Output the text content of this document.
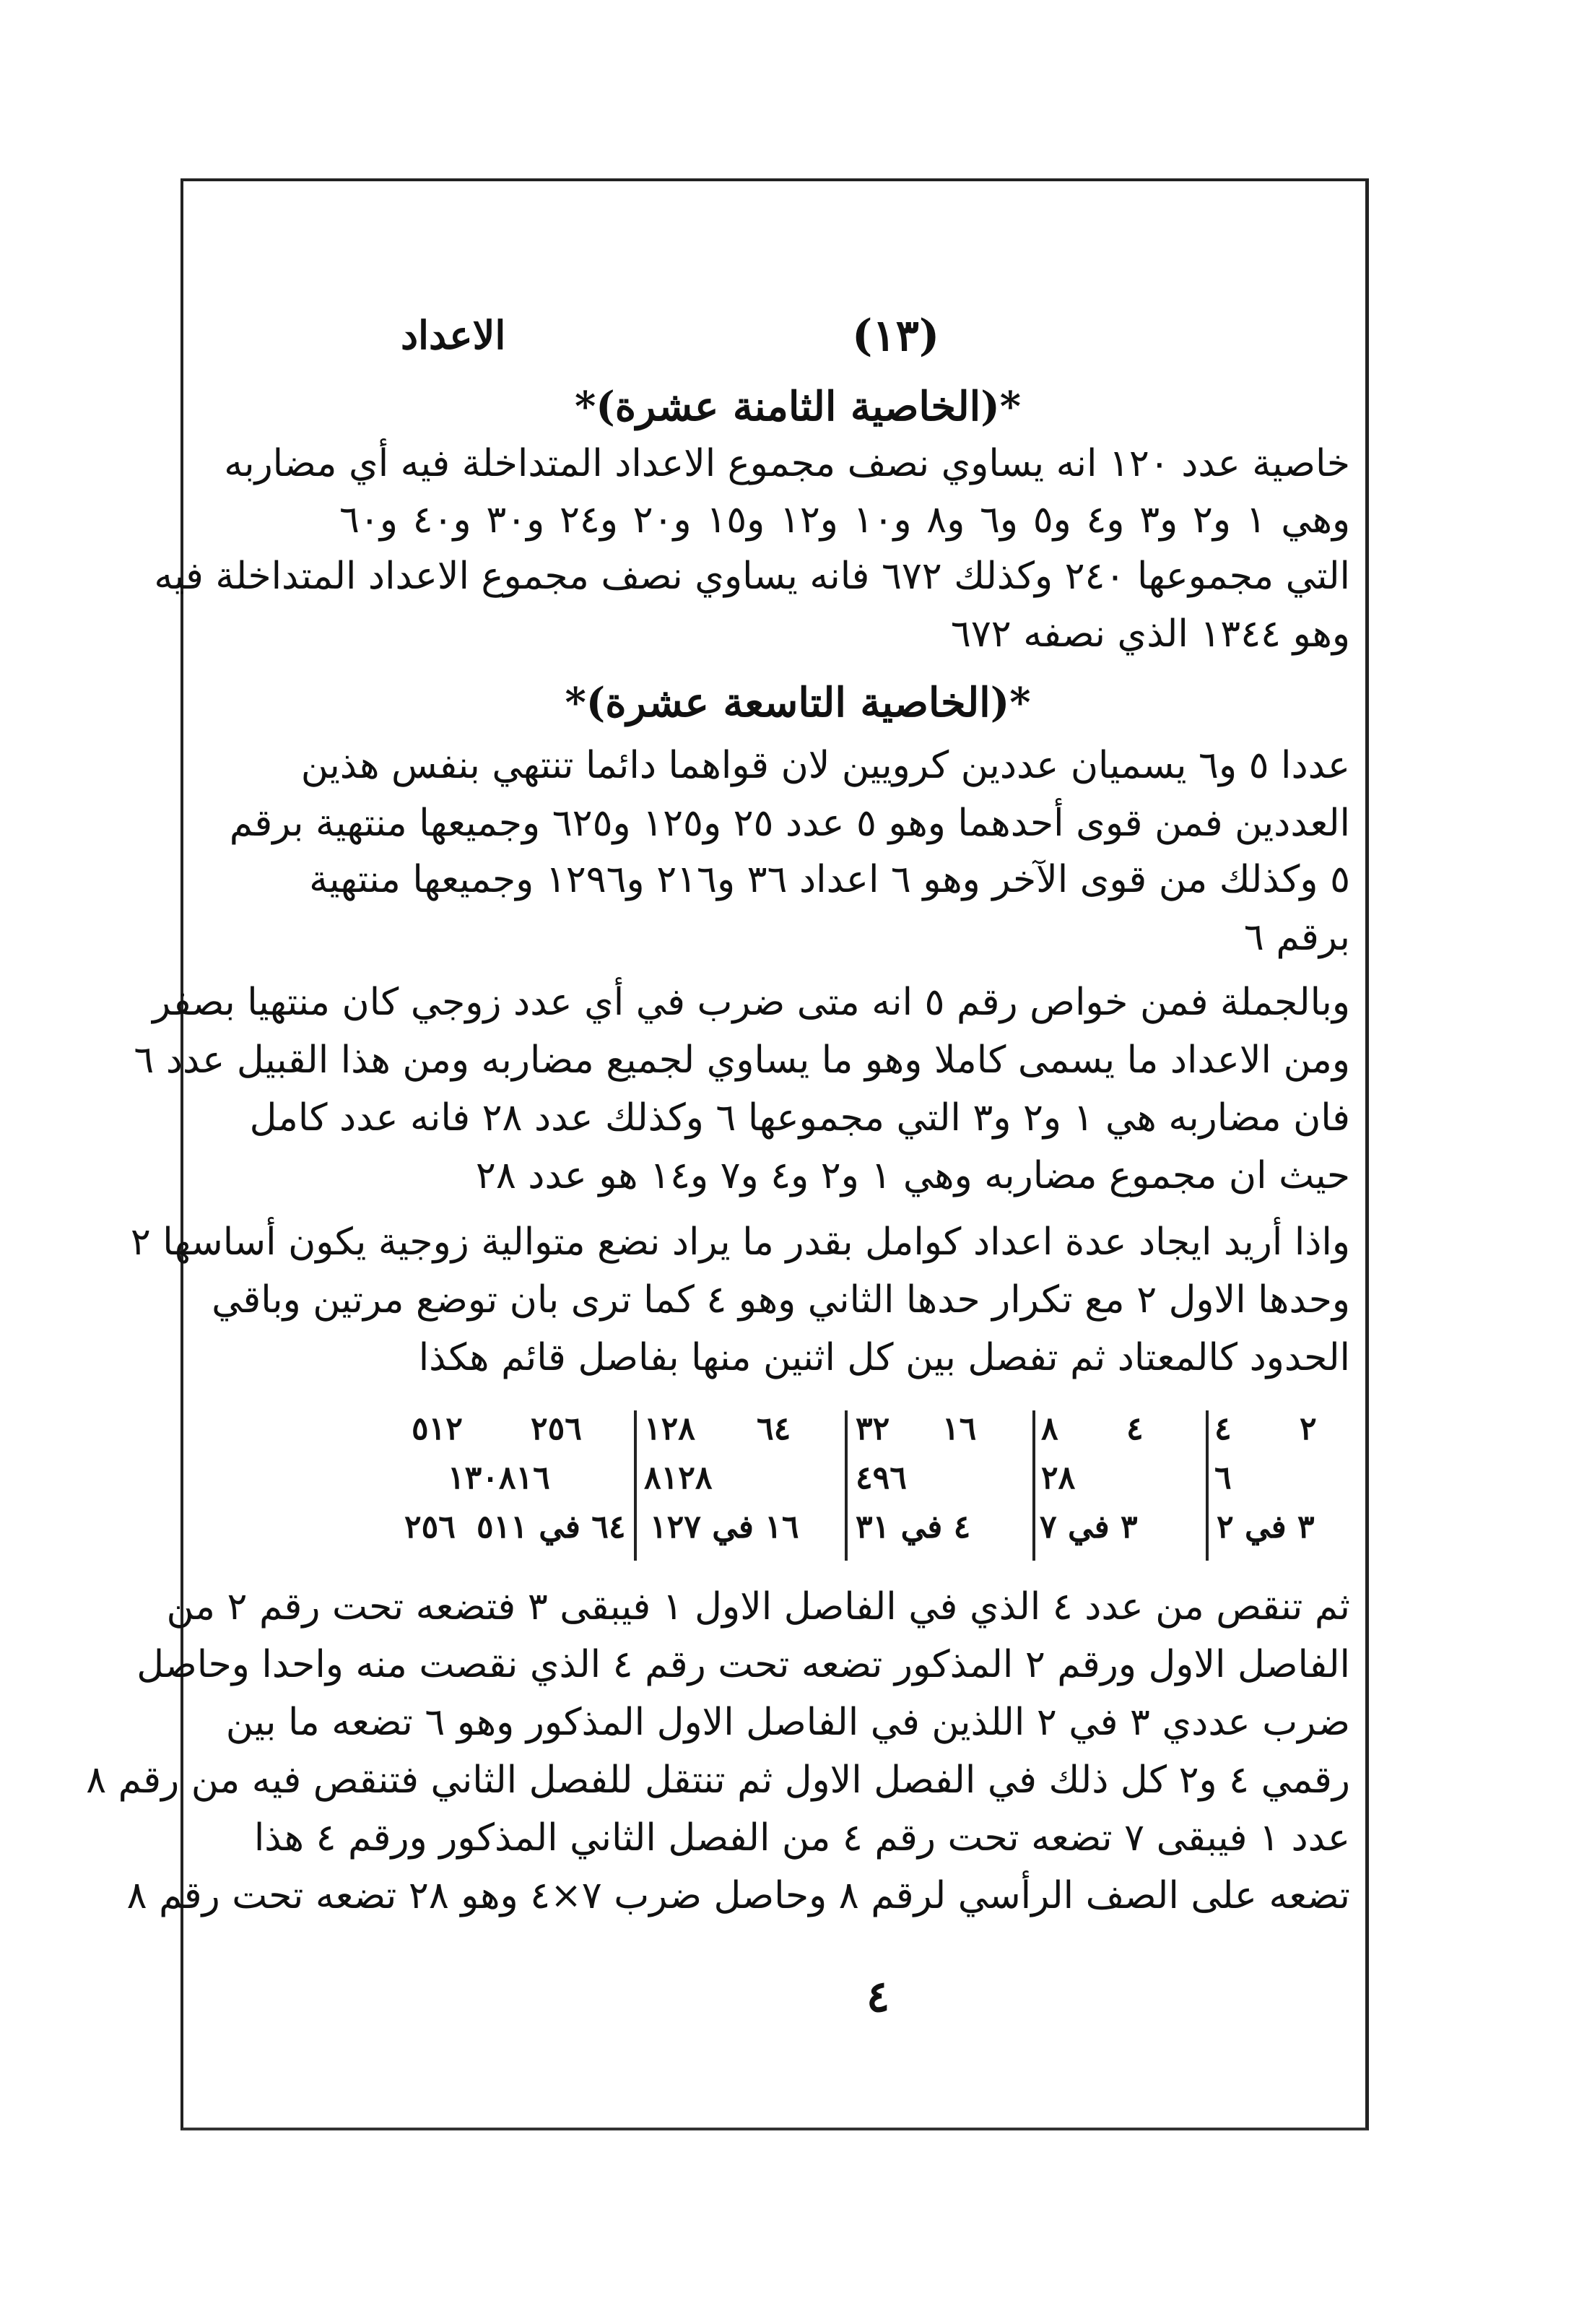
الاعداد	(١٣)
*(الخاصية الثامنة عشرة)*
خاصية عدد ١٢٠ انه يساوي نصف مجموع الاعداد المتداخلة فيه أي مضاربه
وهي ١ و٢ و٣ و٤ و٥ و٦ و٨ و١٠ و١٢ و١٥ و٢٠ و٢٤ و٣٠ و٤٠ و٦٠
التي مجموعها ٢٤٠ وكذلك ٦٧٢ فانه يساوي نصف مجموع الاعداد المتداخلة فيه
وهو ١٣٤٤ الذي نصفه ٦٧٢
*(الخاصية التاسعة عشرة)*
عددا ٥ و٦ يسميان عددين كرويين لان قواهما دائما تنتهي بنفس هذين
العددين فمن قوى أحدهما وهو ٥ عدد ٢٥ و١٢٥ و٦٢٥ وجميعها منتهية برقم
٥ وكذلك من قوى الآخر وهو ٦ اعداد ٣٦ و٢١٦ و١٢٩٦ وجميعها منتهية
برقم ٦
وبالجملة فمن خواص رقم ٥ انه متى ضرب في أي عدد زوجي كان منتهيا بصفر
ومن الاعداد ما يسمى كاملا وهو ما يساوي لجميع مضاربه ومن هذا القبيل عدد ٦
فان مضاربه هي ١ و٢ و٣ التي مجموعها ٦ وكذلك عدد ٢٨ فانه عدد كامل
حيث ان مجموع مضاربه وهي ١ و٢ و٤ و٧ و١٤ هو عدد ٢٨
واذا أريد ايجاد عدة اعداد كوامل بقدر ما يراد نضع متوالية زوجية يكون أساسها ٢
وحدها الاول ٢ مع تكرار حدها الثاني وهو ٤ كما ترى بان توضع مرتين وباقي
الحدود كالمعتاد ثم تفصل بين كل اثنين منها بفاصل قائم هكذا
٢
٤
٤
٨
١٦
٣٢
٦٤
١٢٨
٢٥٦
٥١٢
٦
٢٨
٤٩٦
٨١٢٨
١٣٠٨١٦
٣ في ٢
٣ في ٧
٤ في ٣١
١٦ في ١٢٧
٦٤ في ٥١١
٢٥٦
ثم تنقص من عدد ٤ الذي في الفاصل الاول ١ فيبقى ٣ فتضعه تحت رقم ٢ من
الفاصل الاول ورقم ٢ المذكور تضعه تحت رقم ٤ الذي نقصت منه واحدا وحاصل
ضرب عددي ٣ في ٢ اللذين في الفاصل الاول المذكور وهو ٦ تضعه ما بين
رقمي ٤ و٢ كل ذلك في الفصل الاول ثم تنتقل للفصل الثاني فتنقص فيه من رقم ٨
عدد ١ فيبقى ٧ تضعه تحت رقم ٤ من الفصل الثاني المذكور ورقم ٤ هذا
تضعه على الصف الرأسي لرقم ٨ وحاصل ضرب ٧×٤ وهو ٢٨ تضعه تحت رقم ٨
٤
